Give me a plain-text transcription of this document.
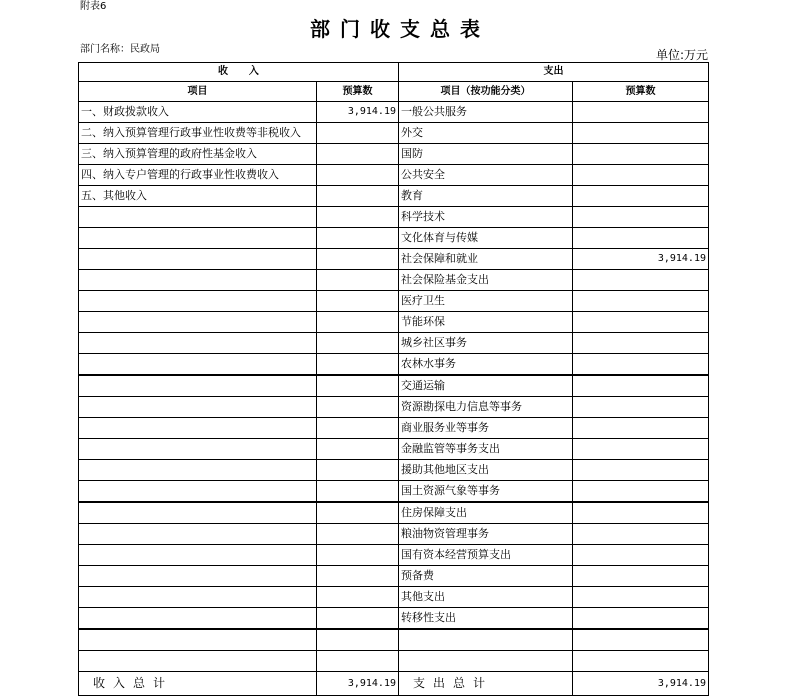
附表6
部门收支总表
部门名称：民政局	单位:万元
收      入		支出	
项目	预算数	项目（按功能分类）	预算数
一、财政拨款收入	3,914.19	一般公共服务	
二、纳入预算管理行政事业性收费等非税收入		外交	
三、纳入预算管理的政府性基金收入		国防	
四、纳入专户管理的行政事业性收费收入		公共安全	
五、其他收入		教育	
		科学技术	
		文化体育与传媒	
		社会保障和就业	3,914.19
		社会保险基金支出	
		医疗卫生	
		节能环保	
		城乡社区事务	
		农林水事务	
		交通运输	
		资源勘探电力信息等事务	
		商业服务业等事务	
		金融监管等事务支出	
		援助其他地区支出	
		国土资源气象等事务	
		住房保障支出	
		粮油物资管理事务	
		国有资本经营预算支出	
		预备费	
		其他支出	
		转移性支出	

收入总计	3,914.19	支出总计	3,914.19
